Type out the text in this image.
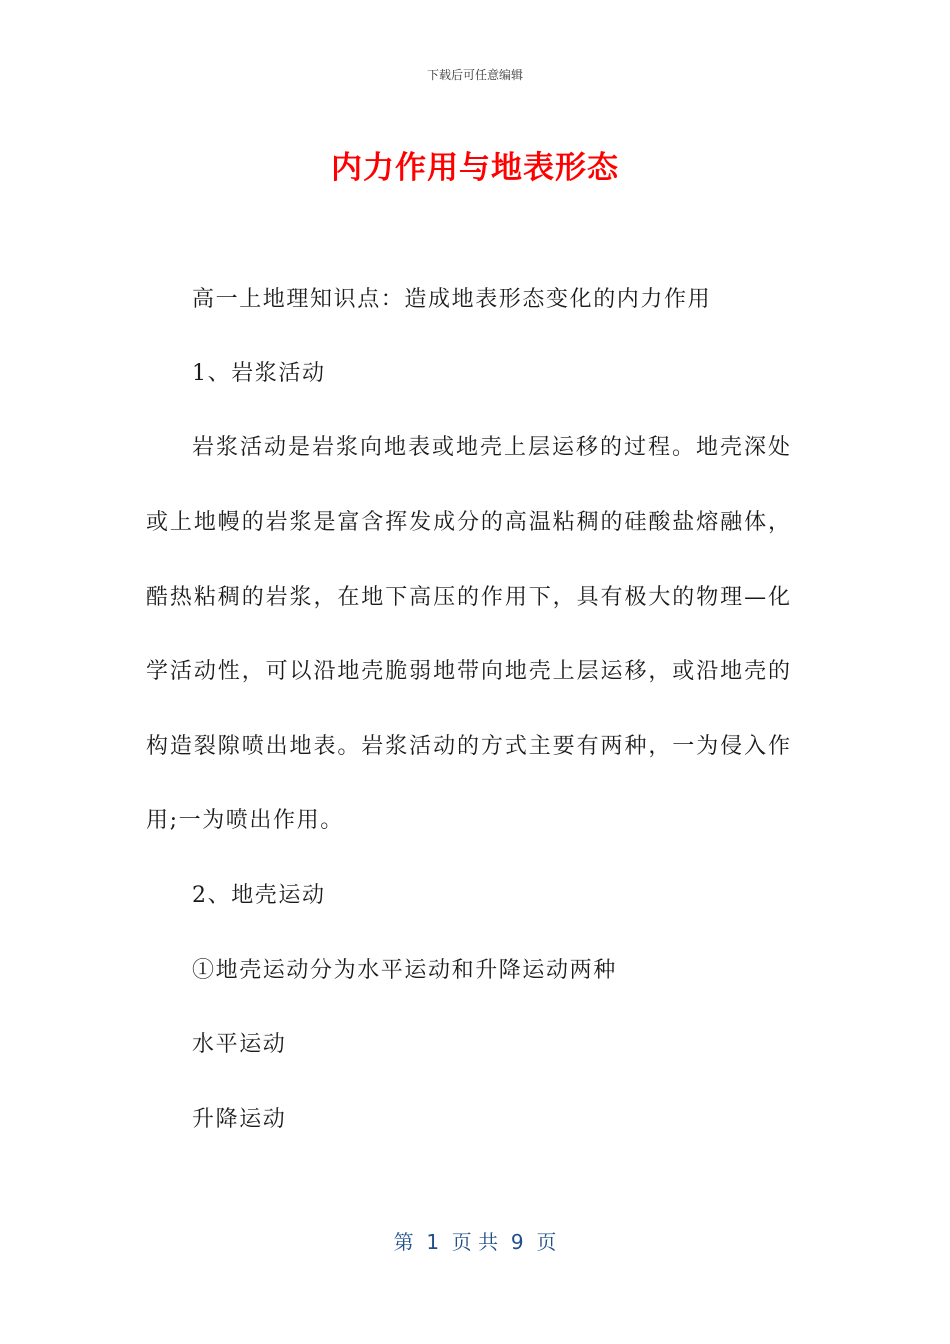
下载后可任意编辑
内力作用与地表形态
高一上地理知识点：造成地表形态变化的内力作用
1、岩浆活动
岩浆活动是岩浆向地表或地壳上层运移的过程。地壳深处
或上地幔的岩浆是富含挥发成分的高温粘稠的硅酸盐熔融体，
酷热粘稠的岩浆，在地下高压的作用下，具有极大的物理—化
学活动性，可以沿地壳脆弱地带向地壳上层运移，或沿地壳的
构造裂隙喷出地表。岩浆活动的方式主要有两种，一为侵入作
用;一为喷出作用。
2、地壳运动
①地壳运动分为水平运动和升降运动两种
水平运动
升降运动
第  1  页 共  9  页
